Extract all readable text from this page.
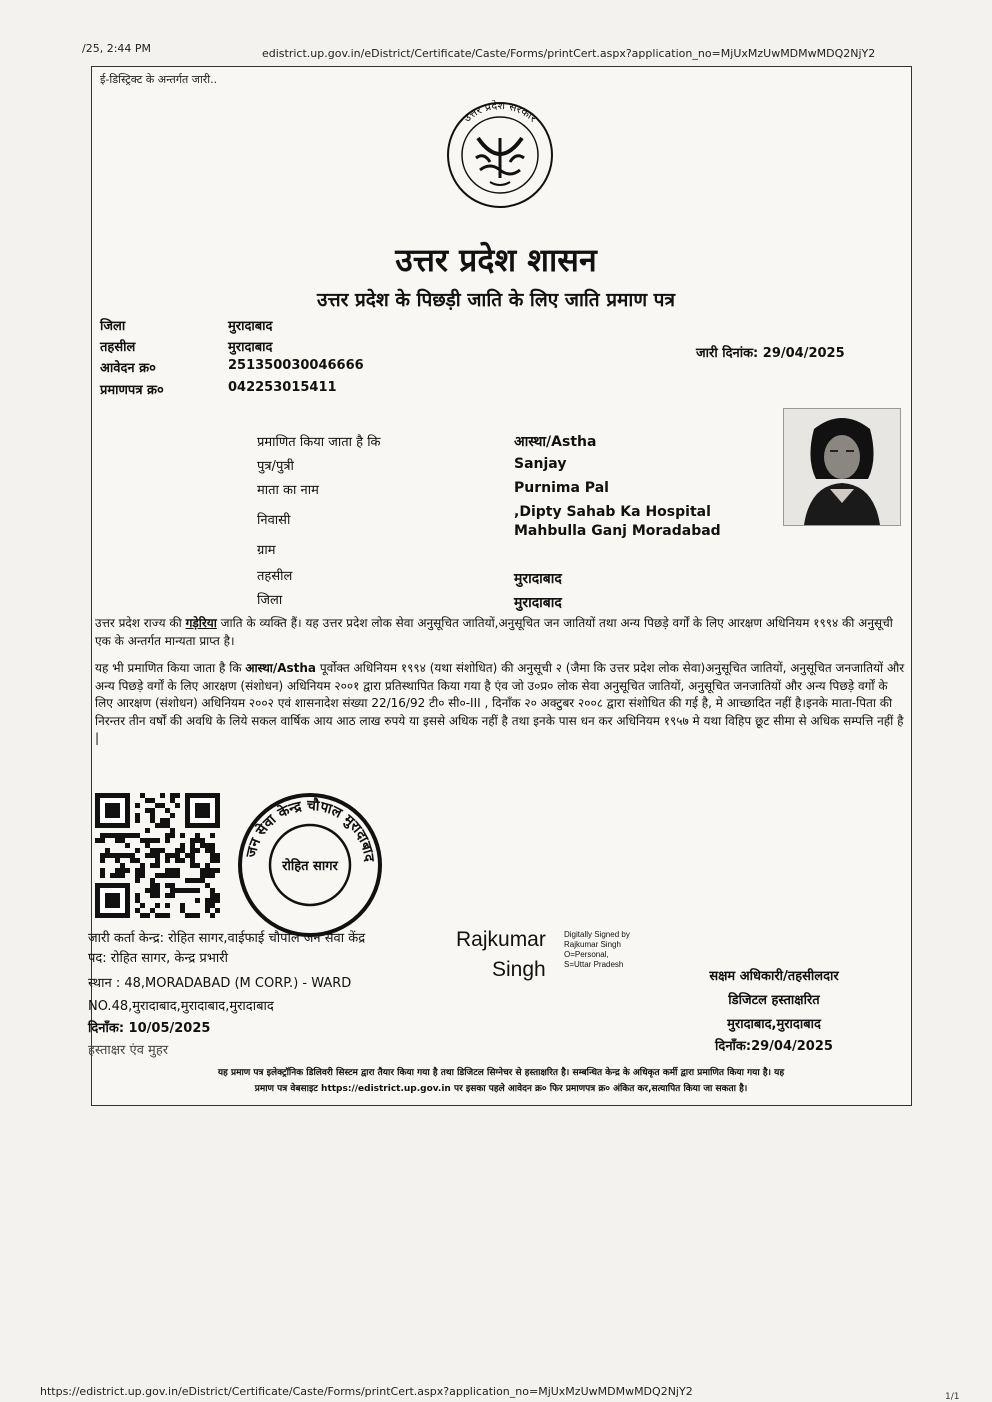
/25, 2:44 PM	edistrict.up.gov.in/eDistrict/Certificate/Caste/Forms/printCert.aspx?application_no=MjUxMzUwMDMwMDQ2NjY2
ई-डिस्ट्रिक्ट के अन्तर्गत जारी..
उत्तर प्रदेश सरकार
उत्तर प्रदेश शासन
उत्तर प्रदेश के पिछड़ी जाति के लिए जाति प्रमाण पत्र
जिला	मुरादाबाद
तहसील	मुरादाबाद
आवेदन क्र०	251350030046666
प्रमाणपत्र क्र०	042253015411
जारी दिनांक: 29/04/2025
प्रमाणित किया जाता है कि	आस्था/Astha
पुत्र/पुत्री	Sanjay
माता का नाम	Purnima Pal
निवासी
,Dipty Sahab Ka Hospital
Mahbulla Ganj Moradabad
ग्राम
तहसील	मुरादाबाद
जिला	मुरादाबाद
उत्तर प्रदेश राज्य की गड़ेरिया जाति के व्यक्ति हैं। यह उत्तर प्रदेश लोक सेवा अनुसूचित जातियों,अनुसूचित जन जातियों तथा अन्य पिछड़े वर्गों के लिए आरक्षण अधिनियम १९९४ की अनुसूची एक के अन्तर्गत मान्यता प्राप्त है।
यह भी प्रमाणित किया जाता है कि आस्था/Astha पूर्वोक्त अधिनियम १९९४ (यथा संशोधित) की अनुसूची २ (जैमा कि उत्तर प्रदेश लोक सेवा)अनुसूचित जातियों, अनुसूचित जनजातियों और अन्य पिछड़े वर्गों के लिए आरक्षण (संशोधन) अधिनियम २००१ द्वारा प्रतिस्थापित किया गया है एंव जो उ०प्र० लोक सेवा अनुसूचित जातियों, अनुसूचित जनजातियों और अन्य पिछड़े वर्गों के लिए आरक्षण (संशोधन) अधिनियम २००२ एवं शासनादेश संख्या 22/16/92 टी० सी०-III , दिनाँक २० अक्टुबर २००८ द्वारा संशोधित की गई है, मे आच्छादित नहीं है।इनके माता-पिता की निरन्तर तीन वर्षों की अवधि के लिये सकल वार्षिक आय आठ लाख रुपये या इससे अधिक नहीं है तथा इनके पास धन कर अधिनियम १९५७ मे यथा विहिप छूट सीमा से अधिक सम्पत्ति नहीं है |
जन सेवा केन्द्र चौपाल मुरादाबाद
रोहित सागर
जारी कर्ता केन्द्र: रोहित सागर,वाईफाई चौपाल जन सेवा केंद्र
पद: रोहित सागर, केन्द्र प्रभारी
स्थान : 48,MORADABAD (M CORP.) - WARD
NO.48,मुरादाबाद,मुरादाबाद,मुरादाबाद
दिनाँक: 10/05/2025
हस्ताक्षर एंव मुहर
Rajkumar
Singh
Digitally Signed by
Rajkumar Singh
O=Personal,
S=Uttar Pradesh
सक्षम अधिकारी/तहसीलदार
डिजिटल हस्ताक्षरित
मुरादाबाद,मुरादाबाद
दिनाँक:29/04/2025
यह प्रमाण पत्र इलेक्ट्रॉनिक डिलिवरी सिस्टम द्वारा तैयार किया गया है तथा डिजिटल सिग्नेचर से हस्ताक्षरित है। सम्बन्धित केन्द्र के अधिकृत कर्मी द्वारा प्रमाणित किया गया है। यह
प्रमाण पत्र वेबसाइट https://edistrict.up.gov.in पर इसका पहले आवेदन क्र० फिर प्रमाणपत्र क्र० अंकित कर,सत्यापित किया जा सकता है।
https://edistrict.up.gov.in/eDistrict/Certificate/Caste/Forms/printCert.aspx?application_no=MjUxMzUwMDMwMDQ2NjY2	1/1
